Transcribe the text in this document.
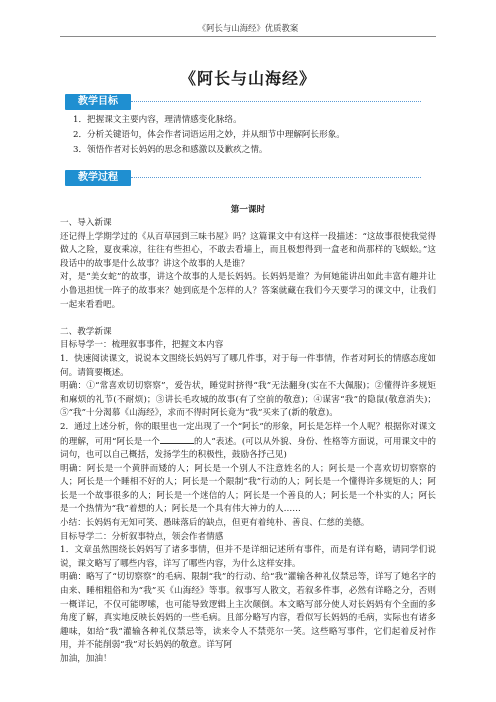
《阿长与山海经》优质教案
《阿长与山海经》
教学目标
1．把握课文主要内容，理清情感变化脉络。
2．分析关键语句，体会作者词语运用之妙，并从细节中理解阿长形象。
3．领悟作者对长妈妈的思念和感激以及歉疚之情。
教学过程
第一课时

一、导入新课

还记得上学期学过的《从百草园到三味书屋》吗？这篇课文中有这样一段描述：“这故事很使我觉得做人之险，夏夜乘凉，往往有些担心，不敢去看墙上，而且极想得到一盒老和尚那样的飞蜈蚣。”这段话中的故事是什么故事？讲这个故事的人是谁？

对，是“美女蛇”的故事，讲这个故事的人是长妈妈。长妈妈是谁？为何她能讲出如此丰富有趣并让小鲁迅担忧一阵子的故事来？她到底是个怎样的人？答案就藏在我们今天要学习的课文中，让我们一起来看看吧。

二、教学新课

目标导学一：梳理叙事事件，把握文本内容

1．快速阅读课文，说说本文围绕长妈妈写了哪几件事，对于每一件事情，作者对阿长的情感态度如何。请简要概述。

明确：①“常喜欢切切察察”，爱告状，睡觉时挤得“我”无法翻身(实在不大佩服)；②懂得许多规矩和麻烦的礼节(不耐烦)；③讲长毛攻城的故事(有了空前的敬意)；④谋害“我”的隐鼠(敬意消失)；⑤“我”十分渴慕《山海经》，求而不得时阿长竟为“我”买来了(新的敬意)。

2．通过上述分析，你的眼里也一定出现了一个“阿长”的形象，阿长是怎样一个人呢？根据你对课文的理解，可用“阿长是一个	的人”表述。(可以从外貌、身份、性格等方面说，可用课文中的词句，也可以自己概括，发扬学生的积极性，鼓励各抒己见)

明确：阿长是一个黄胖而矮的人；阿长是一个别人不注意姓名的人；阿长是一个喜欢切切察察的人；阿长是一个睡相不好的人；阿长是一个限制“我”行动的人；阿长是一个懂得许多规矩的人；阿长是一个故事很多的人；阿长是一个迷信的人；阿长是一个善良的人；阿长是一个朴实的人；阿长是一个热情为“我”着想的人；阿长是一个具有伟大神力的人……

小结：长妈妈有无知可笑、愚昧落后的缺点，但更有着纯朴、善良、仁慈的美德。

目标导学二：分析叙事特点，领会作者情感

1．文章虽然围绕长妈妈写了诸多事情，但并不是详细记述所有事件，而是有详有略，请同学们说说，课文略写了哪些内容，详写了哪些内容，为什么这样安排。

明确：略写了“切切察察”的毛病、限制“我”的行动、给“我”灌输各种礼仪禁忌等，详写了她名字的由来、睡相粗俗和为“我”买《山海经》等事。叙事写人散文，若叙多件事，必然有详略之分，否则一概详记，不仅可能啰嗦，也可能导致逻辑上主次颠倒。本文略写部分使人对长妈妈有个全面的多角度了解，真实地反映长妈妈的一些毛病。且部分略写内容，看似写长妈妈的毛病，实际也有诸多趣味，如给“我”灌输各种礼仪禁忌等，读来令人不禁莞尔一笑。这些略写事件，它们起着反衬作用，并不能削弱“我”对长妈妈的敬意。详写阿

加油，加油！
